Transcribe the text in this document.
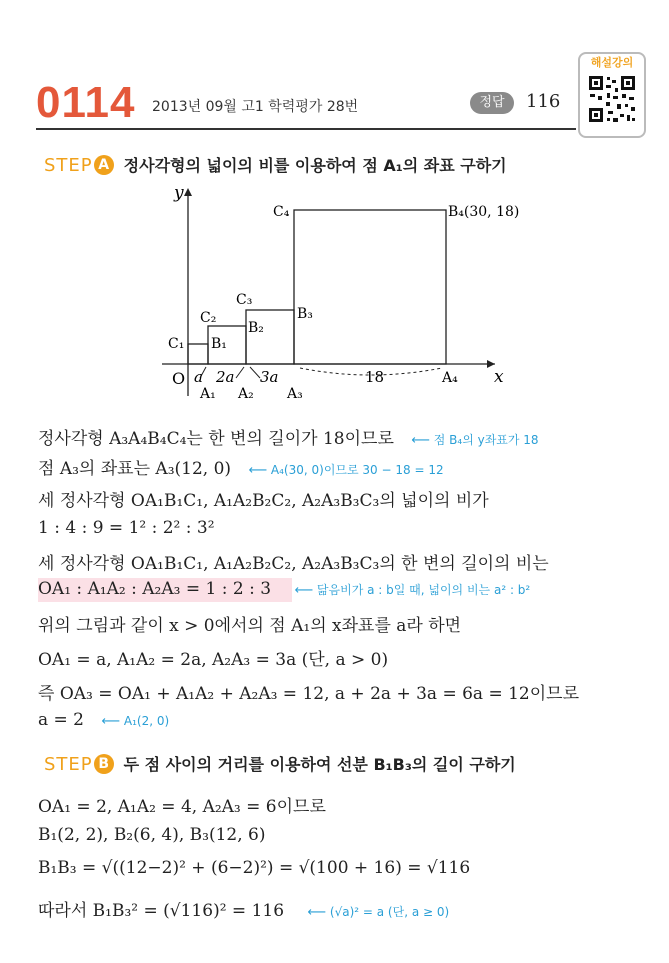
0114 2013년 09월 고1 학력평가 28번	정답	116
해설강의
STEP A 정사각형의 넓이의 비를 이용하여 점 A₁의 좌표 구하기
y
x
O
C₁
C₂
C₃
C₄
B₁
B₂
B₃
B₄(30, 18)
A₁ A₂ A₃
A₄
a 2a 3a	18
정사각형 A₃A₄B₄C₄는 한 변의 길이가 18이므로 ⟵ 점 B₄의 y좌표가 18
점 A₃의 좌표는 A₃(12, 0) ⟵ A₄(30, 0)이므로 30 − 18 = 12
세 정사각형 OA₁B₁C₁, A₁A₂B₂C₂, A₂A₃B₃C₃의 넓이의 비가
1 : 4 : 9 = 1² : 2² : 3²
세 정사각형 OA₁B₁C₁, A₁A₂B₂C₂, A₂A₃B₃C₃의 한 변의 길이의 비는
OA₁ : A₁A₂ : A₂A₃ = 1 : 2 : 3 ⟵ 닮음비가 a : b일 때, 넓이의 비는 a² : b²
위의 그림과 같이 x > 0에서의 점 A₁의 x좌표를 a라 하면
OA₁ = a, A₁A₂ = 2a, A₂A₃ = 3a (단, a > 0)
즉 OA₃ = OA₁ + A₁A₂ + A₂A₃ = 12, a + 2a + 3a = 6a = 12이므로
a = 2 ⟵ A₁(2, 0)
STEP B 두 점 사이의 거리를 이용하여 선분 B₁B₃의 길이 구하기
OA₁ = 2, A₁A₂ = 4, A₂A₃ = 6이므로
B₁(2, 2), B₂(6, 4), B₃(12, 6)
B₁B₃ = √((12−2)² + (6−2)²) = √(100 + 16) = √116
따라서 B₁B₃² = (√116)² = 116 ⟵ (√a)² = a (단, a ≥ 0)
